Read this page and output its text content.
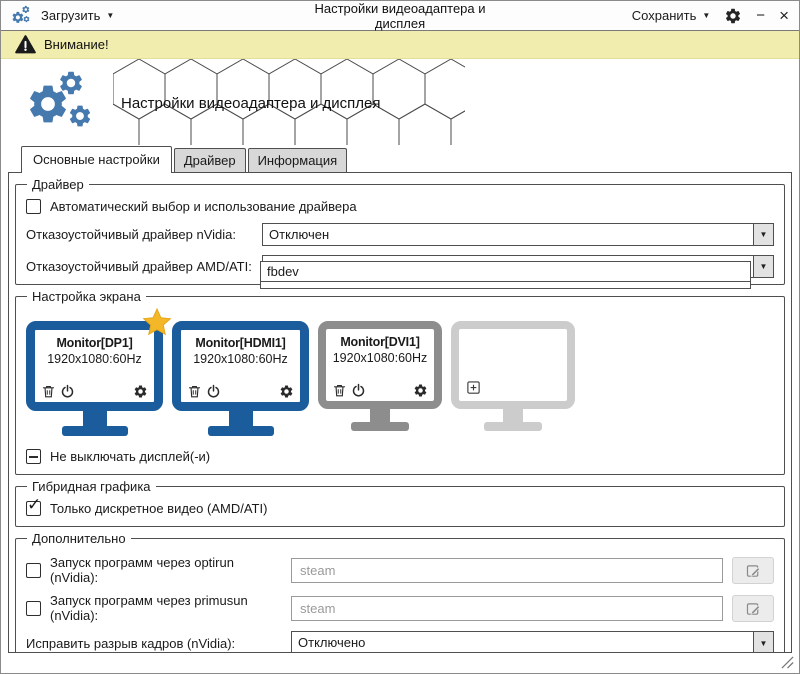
Загрузить ▼	Настройки видеоадаптера и дисплея	Сохранить ▼	− ×
Внимание!
Настройки видеоадаптера и дисплея
Основные настройки	Драйвер	Информация
Драйвер
Автоматический выбор и использование драйвера
Отказоустойчивый драйвер nVidia:	Отключен	▼
Отказоустойчивый драйвер AMD/ATI:	▼
fbdev
Настройка экрана
Monitor[DP1]
1920x1080:60Hz
Monitor[HDMI1]
1920x1080:60Hz
Monitor[DVI1]
1920x1080:60Hz
Не выключать дисплей(-и)
Гибридная графика
✓ Только дискретное видео (AMD/ATI)
Дополнительно
Запуск программ через optirun (nVidia):
steam
Запуск программ через primusun (nVidia):
steam
Исправить разрыв кадров (nVidia):	Отключено	▼
